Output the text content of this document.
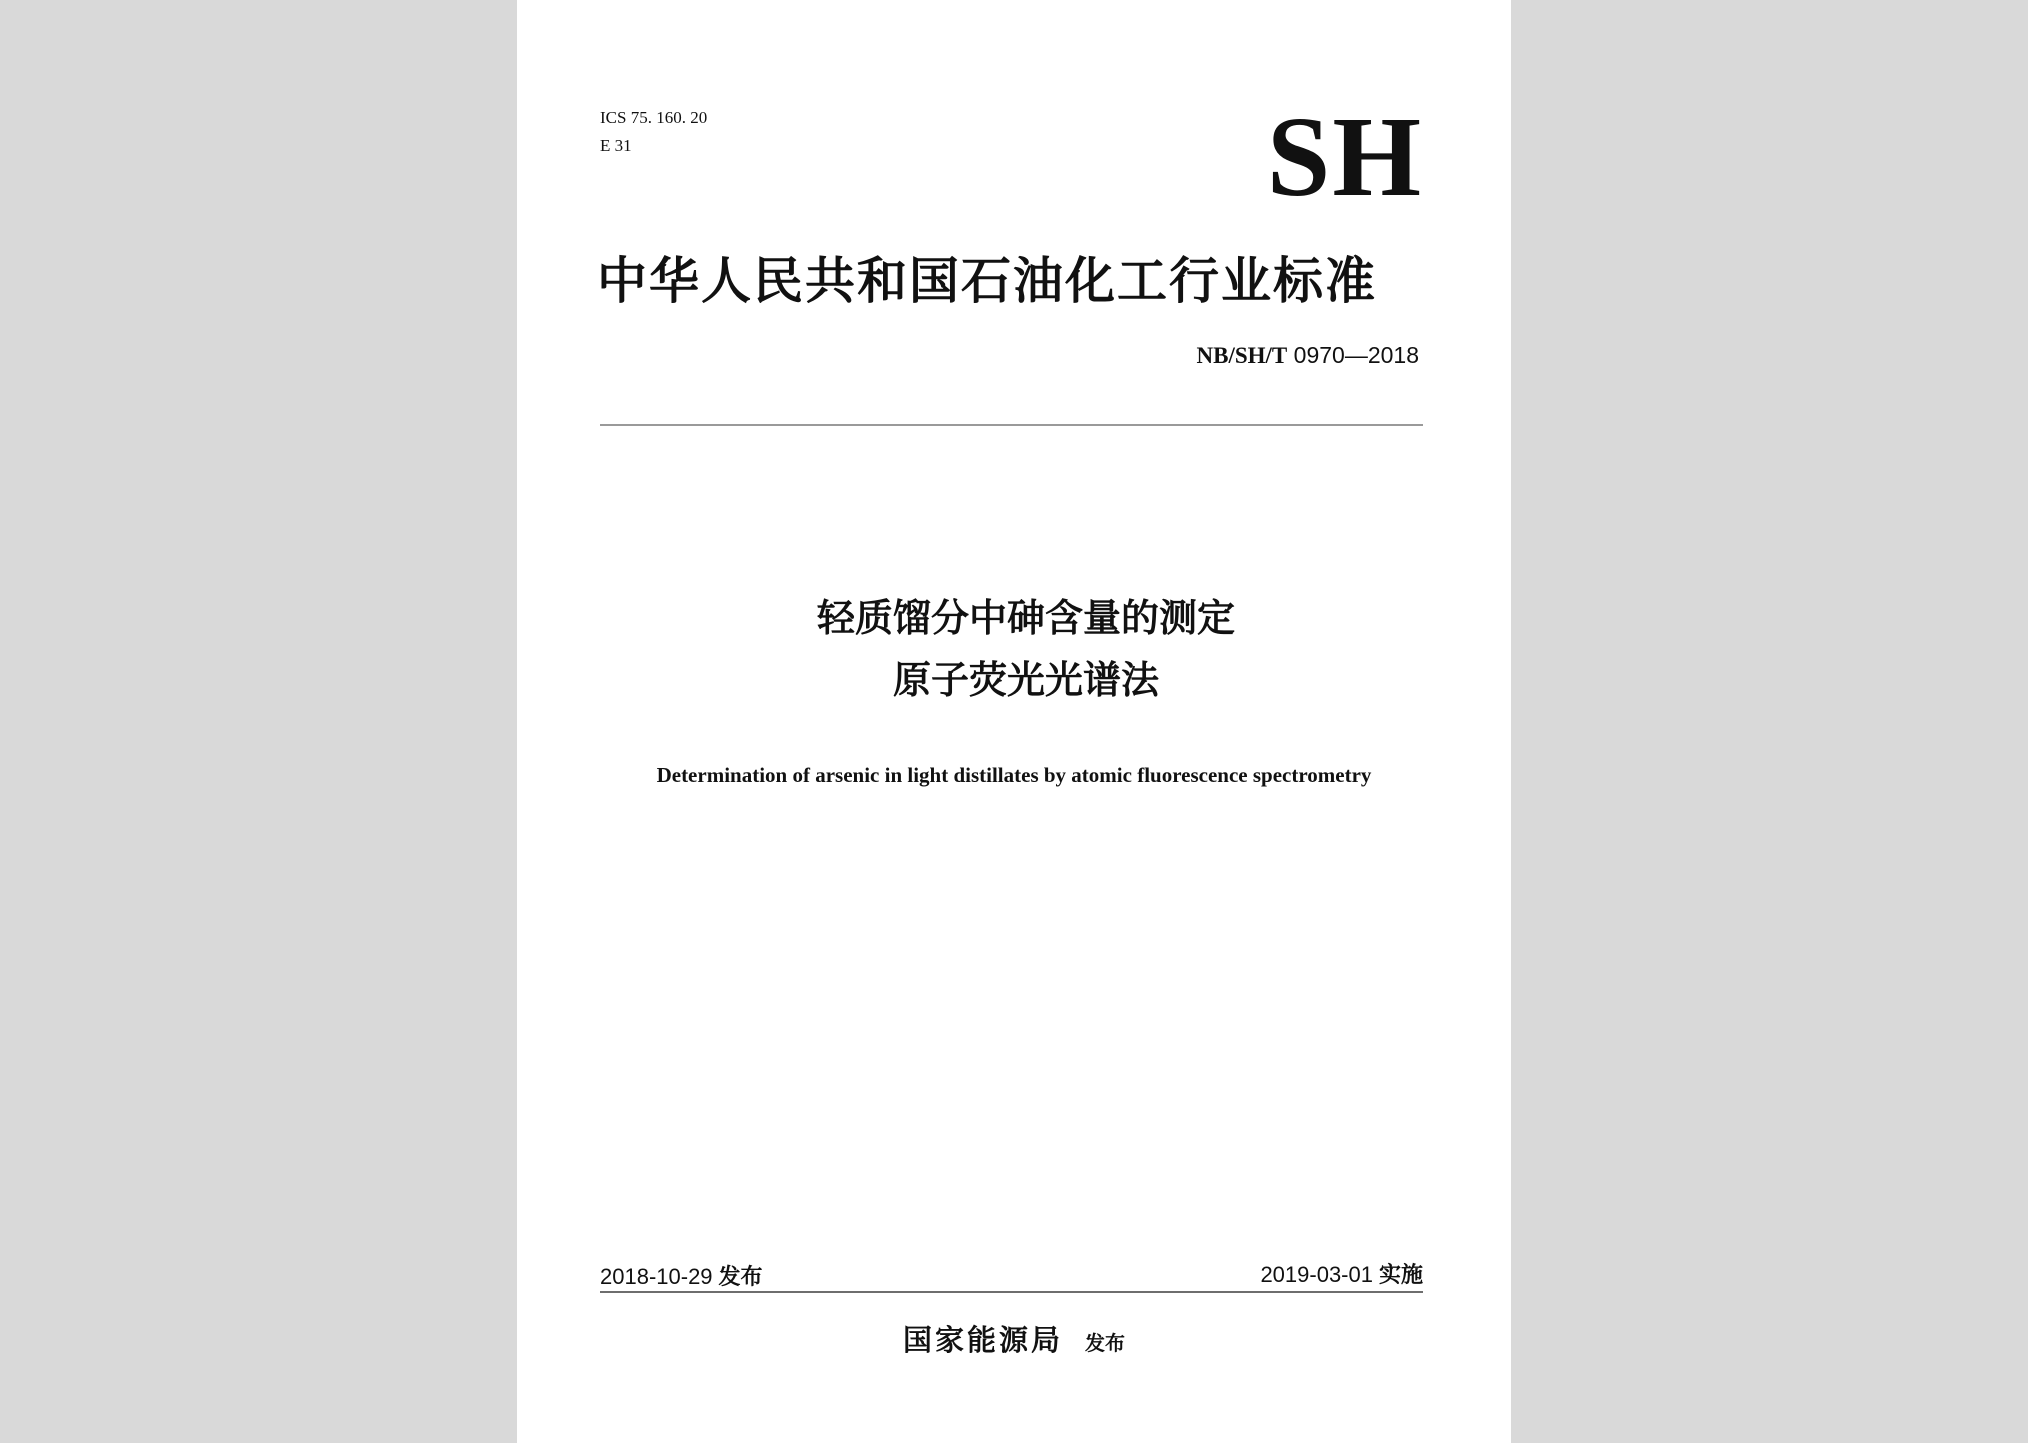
ICS 75. 160. 20
E 31	SH
中华人民共和国石油化工行业标准
NB/SH/T 0970—2018
轻质馏分中砷含量的测定
原子荧光光谱法
Determination of arsenic in light distillates by atomic fluorescence spectrometry
2018-10-29 发布	2019-03-01 实施
国家能源局 发布
